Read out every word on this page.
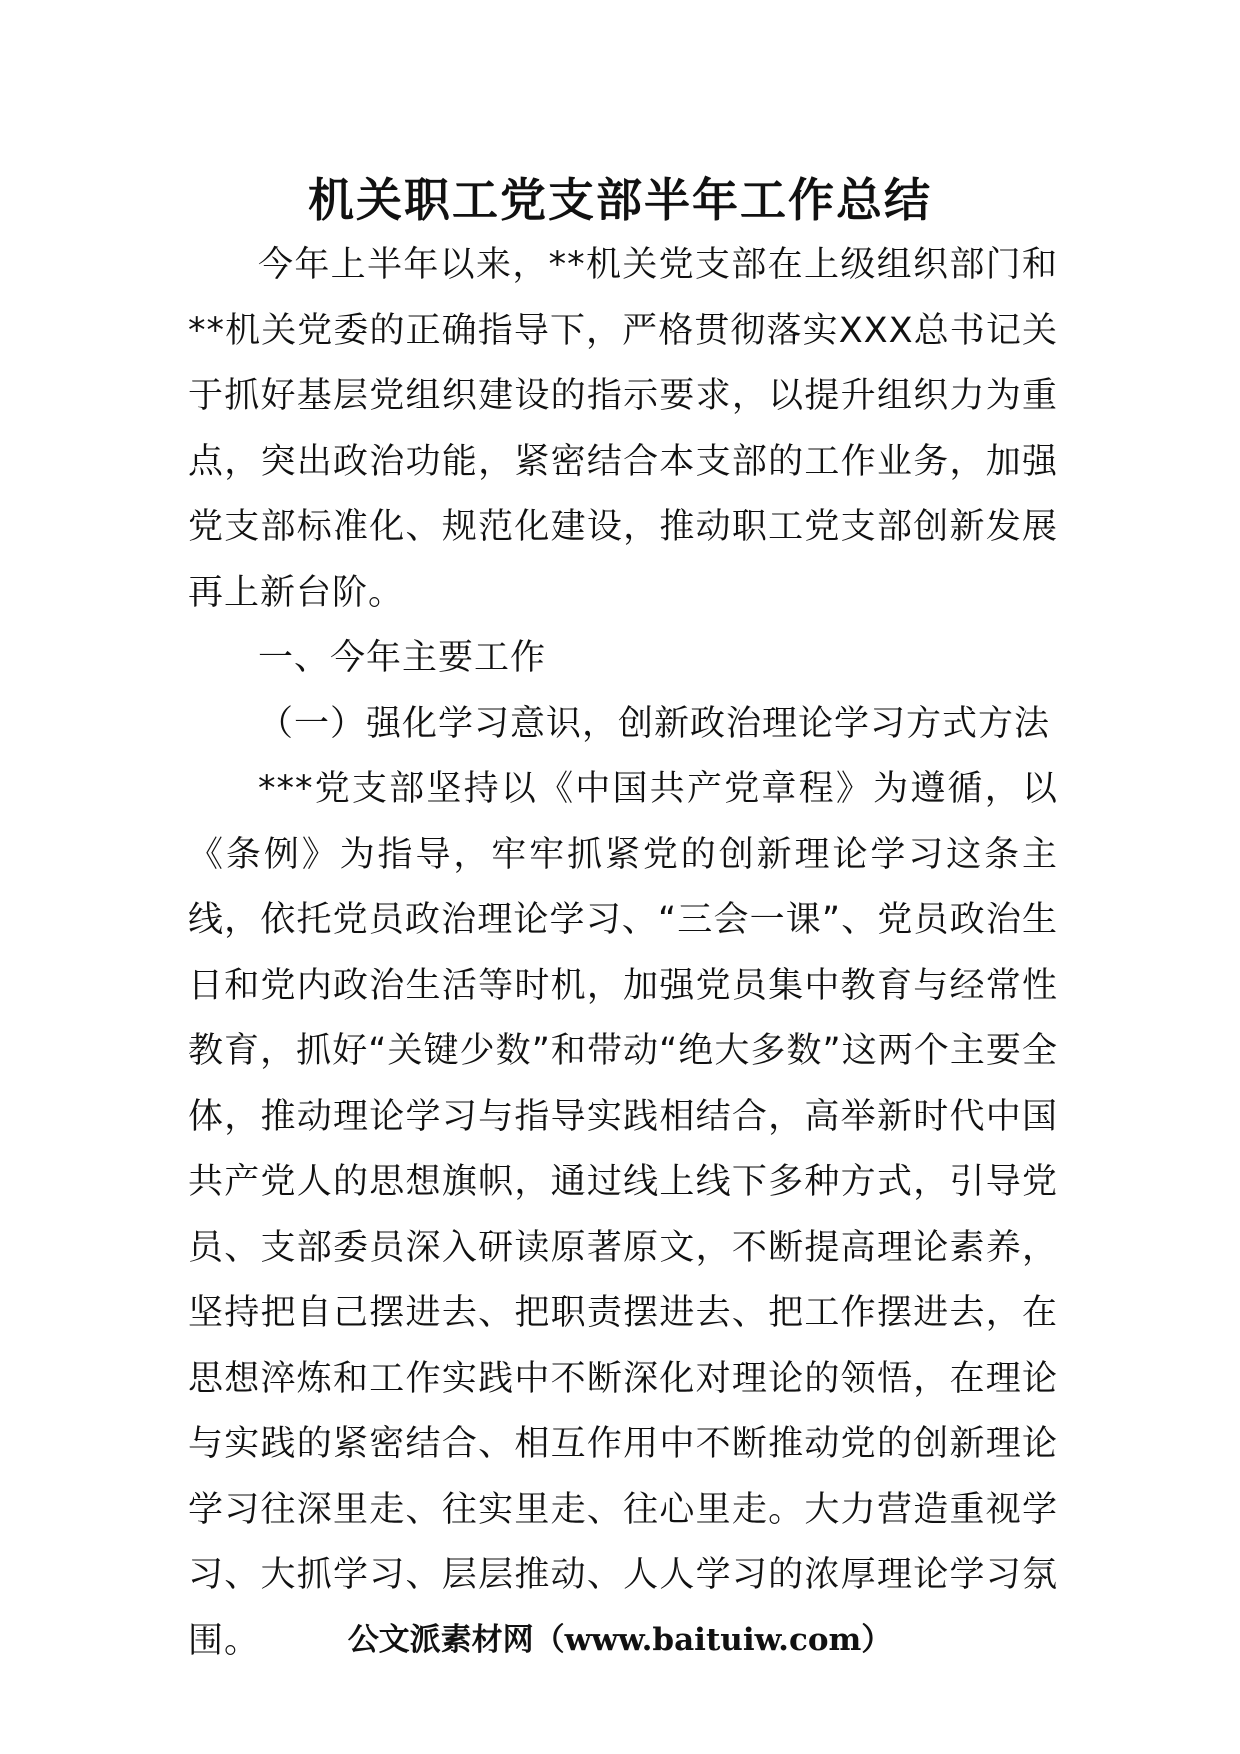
机关职工党支部半年工作总结

今年上半年以来，**机关党支部在上级组织部门和**机关党委的正确指导下，严格贯彻落实XXX总书记关于抓好基层党组织建设的指示要求，以提升组织力为重点，突出政治功能，紧密结合本支部的工作业务，加强党支部标准化、规范化建设，推动职工党支部创新发展再上新台阶。

一、今年主要工作

（一）强化学习意识，创新政治理论学习方式方法

***党支部坚持以《中国共产党章程》为遵循，以《条例》为指导，牢牢抓紧党的创新理论学习这条主线，依托党员政治理论学习、“三会一课”、党员政治生日和党内政治生活等时机，加强党员集中教育与经常性教育，抓好“关键少数”和带动“绝大多数”这两个主要全体，推动理论学习与指导实践相结合，高举新时代中国共产党人的思想旗帜，通过线上线下多种方式，引导党员、支部委员深入研读原著原文，不断提高理论素养，坚持把自己摆进去、把职责摆进去、把工作摆进去，在思想淬炼和工作实践中不断深化对理论的领悟，在理论与实践的紧密结合、相互作用中不断推动党的创新理论学习往深里走、往实里走、往心里走。大力营造重视学习、大抓学习、层层推动、人人学习的浓厚理论学习氛围。	公文派素材网（www.baituiw.com）
